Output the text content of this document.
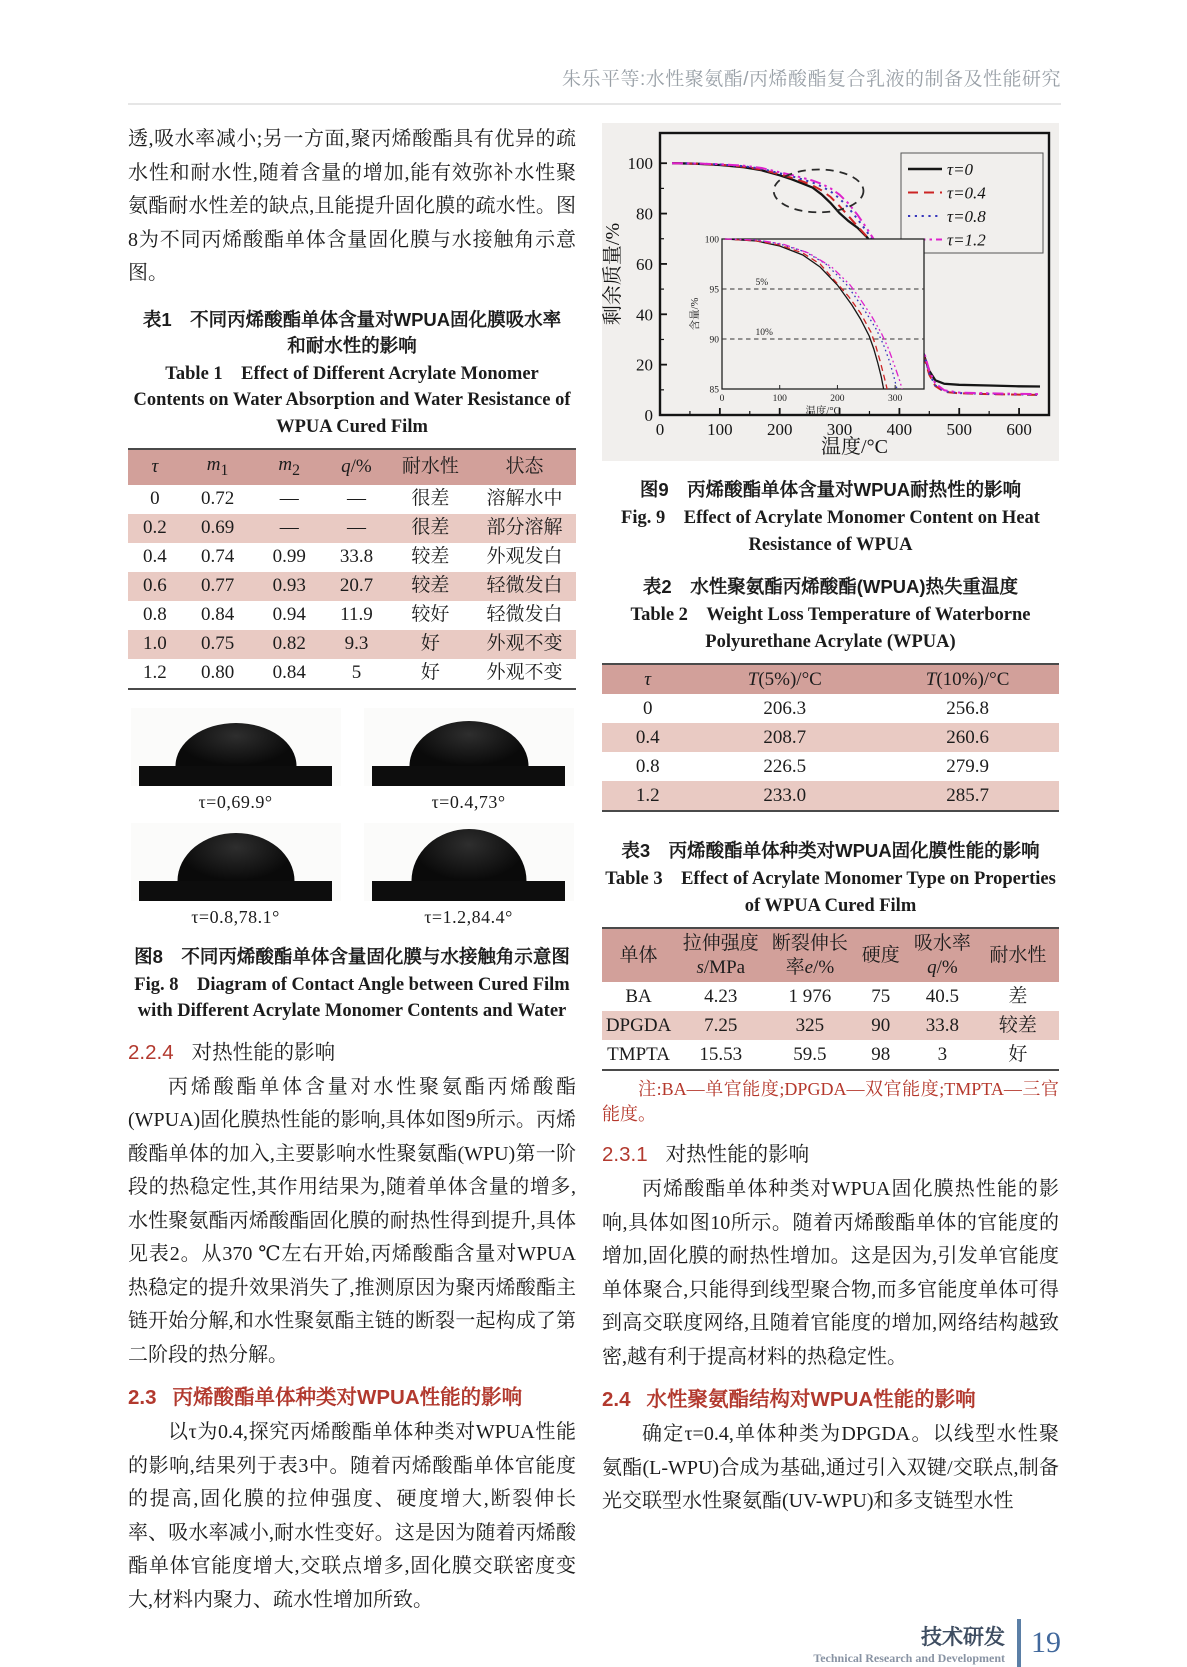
朱乐平等:水性聚氨酯/丙烯酸酯复合乳液的制备及性能研究

透,吸水率减小;另一方面,聚丙烯酸酯具有优异的疏水性和耐水性,随着含量的增加,能有效弥补水性聚氨酯耐水性差的缺点,且能提升固化膜的疏水性。图8为不同丙烯酸酯单体含量固化膜与水接触角示意图。

表1　不同丙烯酸酯单体含量对WPUA固化膜吸水率和耐水性的影响
Table 1　Effect of Different Acrylate Monomer Contents on Water Absorption and Water Resistance of WPUA Cured Film
τ	$m_1$	$m_2$	q/%	耐水性	状态
0	0.72	—	—	很差	溶解水中
0.2	0.69	—	—	很差	部分溶解
0.4	0.74	0.99	33.8	较差	外观发白
0.6	0.77	0.93	20.7	较差	轻微发白
0.8	0.84	0.94	11.9	较好	轻微发白
1.0	0.75	0.82	9.3	好	外观不变
1.2	0.80	0.84	5	好	外观不变
τ=0,69.9°	τ=0.4,73°
τ=0.8,78.1°	τ=1.2,84.4°
图8　不同丙烯酸酯单体含量固化膜与水接触角示意图
Fig. 8　Diagram of Contact Angle between Cured Film with Different Acrylate Monomer Contents and Water
2.2.4 对热性能的影响

丙烯酸酯单体含量对水性聚氨酯丙烯酸酯(WPUA)固化膜热性能的影响,具体如图9所示。丙烯酸酯单体的加入,主要影响水性聚氨酯(WPU)第一阶段的热稳定性,其作用结果为,随着单体含量的增多,水性聚氨酯丙烯酸酯固化膜的耐热性得到提升,具体见表2。从370 ℃左右开始,丙烯酸酯含量对WPUA热稳定的提升效果消失了,推测原因为聚丙烯酸酯主链开始分解,和水性聚氨酯主链的断裂一起构成了第二阶段的热分解。

2.3 丙烯酸酯单体种类对WPUA性能的影响

以τ为0.4,探究丙烯酸酯单体种类对WPUA性能的影响,结果列于表3中。随着丙烯酸酯单体官能度的提高,固化膜的拉伸强度、硬度增大,断裂伸长率、吸水率减小,耐水性变好。这是因为随着丙烯酸酯单体官能度增大,交联点增多,固化膜交联密度变大,材料内聚力、疏水性增加所致。

0	100 200 300 400 500 600
0
20
40
60
80
100
温度/°C
剩余质量/%
τ=0
τ=0.4
τ=0.8
τ=1.2
0	100	200	300
85
90
95
100
温度/°C
含量/%
5%
10%
图9　丙烯酸酯单体含量对WPUA耐热性的影响
Fig. 9　Effect of Acrylate Monomer Content on Heat Resistance of WPUA
表2　水性聚氨酯丙烯酸酯(WPUA)热失重温度
Table 2　Weight Loss Temperature of Waterborne Polyurethane Acrylate (WPUA)
τ	T(5%)/°C	T(10%)/°C
0	206.3	256.8
0.4	208.7	260.6
0.8	226.5	279.9
1.2	233.0	285.7
表3　丙烯酸酯单体种类对WPUA固化膜性能的影响
Table 3　Effect of Acrylate Monomer Type on Properties of WPUA Cured Film
单体	拉伸强度s/MPa	断裂伸长率e/%	硬度	吸水率q/%	耐水性
BA	4.23	1 976	75	40.5	差
DPGDA	7.25	325	90	33.8	较差
TMPTA	15.53	59.5	98	3	好
注:BA—单官能度;DPGDA—双官能度;TMPTA—三官能度。
2.3.1 对热性能的影响

丙烯酸酯单体种类对WPUA固化膜热性能的影响,具体如图10所示。随着丙烯酸酯单体的官能度的增加,固化膜的耐热性增加。这是因为,引发单官能度单体聚合,只能得到线型聚合物,而多官能度单体可得到高交联度网络,且随着官能度的增加,网络结构越致密,越有利于提高材料的热稳定性。

2.4 水性聚氨酯结构对WPUA性能的影响

确定τ=0.4,单体种类为DPGDA。以线型水性聚氨酯(L-WPU)合成为基础,通过引入双键/交联点,制备光交联型水性聚氨酯(UV-WPU)和多支链型水性

技术研发
Technical Research and Development 19
